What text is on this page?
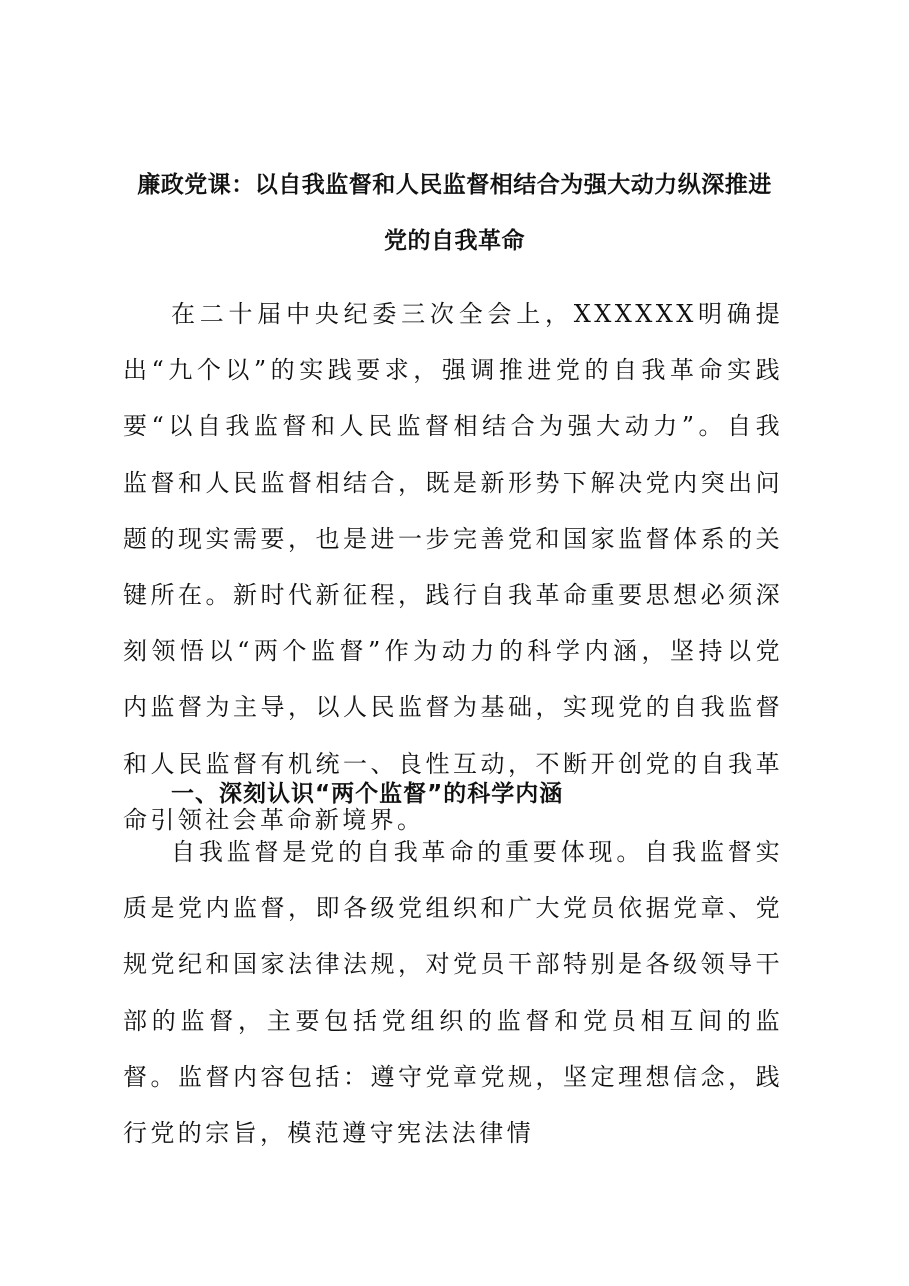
廉政党课：以自我监督和人民监督相结合为强大动力纵深推进
党的自我革命

在二十届中央纪委三次全会上，XXXXXX明确提出“九个以”的实践要求，强调推进党的自我革命实践要“以自我监督和人民监督相结合为强大动力”。自我监督和人民监督相结合，既是新形势下解决党内突出问题的现实需要，也是进一步完善党和国家监督体系的关键所在。新时代新征程，践行自我革命重要思想必须深刻领悟以“两个监督”作为动力的科学内涵，坚持以党内监督为主导，以人民监督为基础，实现党的自我监督和人民监督有机统一、良性互动，不断开创党的自我革命引领社会革命新境界。

一、深刻认识“两个监督”的科学内涵

自我监督是党的自我革命的重要体现。自我监督实质是党内监督，即各级党组织和广大党员依据党章、党规党纪和国家法律法规，对党员干部特别是各级领导干部的监督，主要包括党组织的监督和党员相互间的监督。监督内容包括：遵守党章党规，坚定理想信念，践行党的宗旨，模范遵守宪法法律情
